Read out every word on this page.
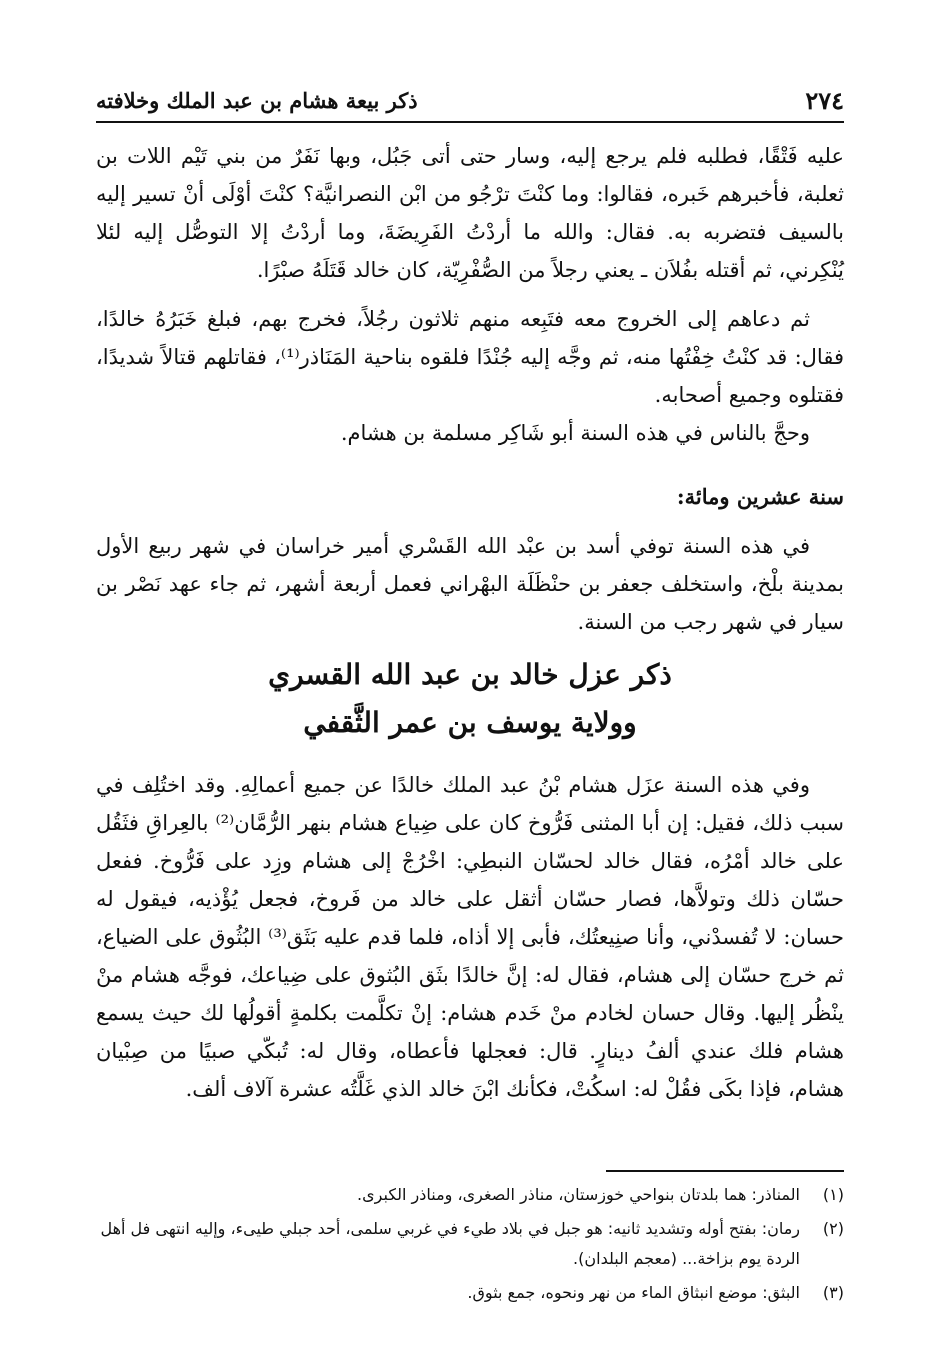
٢٧٤
ذكر بيعة هشام بن عبد الملك وخلافته

عليه فَتْقًا، فطلبه فلم يرجع إليه، وسار حتى أتى جَبُل، وبها نَفَرٌ من بني تَيْم اللات بن ثعلبة، فأخبرهم خَبره، فقالوا: وما كنْتَ ترْجُو من ابْن النصرانيَّة؟ كنْتَ أوْلَى أنْ تسير إليه بالسيف فتضربه به. فقال: والله ما أردْتُ الفَرِيضَةَ، وما أردْتُ إلا التوصُّل إليه لئلا يُنْكِرني، ثم أقتله بفُلاَن ـ يعني رجلاً من الصُّفْرِيّة، كان خالد قَتَلَهُ صبْرًا.

ثم دعاهم إلى الخروج معه فتَبِعه منهم ثلاثون رجُلاً، فخرج بهم، فبلغ خَبَرُهُ خالدًا، فقال: قد كنْتُ خِفْتُها منه، ثم وجَّه إليه جُنْدًا فلقوه بناحية المَنَاذر⁽¹⁾، فقاتلهم قتالاً شديدًا، فقتلوه وجميع أصحابه.

وحجَّ بالناس في هذه السنة أبو شَاكِر مسلمة بن هشام.

سنة عشرين ومائة:

في هذه السنة توفي أسد بن عبْد الله القَسْري أمير خراسان في شهر ربيع الأول بمدينة بلْخ، واستخلف جعفر بن حنْظَلَة البهْراني فعمل أربعة أشهر، ثم جاء عهد نَصْر بن سيار في شهر رجب من السنة.

ذكر عزل خالد بن عبد الله القسري

وولاية يوسف بن عمر الثَّقفي

وفي هذه السنة عزَل هشام بْنُ عبد الملك خالدًا عن جميع أعمالِهِ. وقد اختُلِف في سبب ذلك، فقيل: إن أبا المثنى فَرُّوخ كان على ضِياع هشام بنهر الرُّمَّان⁽²⁾ بالعِراقِ فثَقُل على خالد أمْرُه، فقال خالد لحسّان النبطِي: اخْرُجْ إلى هشام وزِد على فَرُّوخ. ففعل حسّان ذلك وتولاَّها، فصار حسّان أثقل على خالد من فَروخ، فجعل يُؤْذيه، فيقول له حسان: لا تُفسدْني، وأنا صنِيعتُك، فأبى إلا أذاه، فلما قدم عليه بَثَق⁽³⁾ البُثُوق على الضياع، ثم خرج حسّان إلى هشام، فقال له: إنَّ خالدًا بثَق البُثوق على ضِياعك، فوجَّه هشام منْ ينْظُر إليها. وقال حسان لخادم منْ خَدم هشام: إنْ تكلَّمت بكلمةٍ أقولُها لك حيث يسمع هشام فلك عندي ألفُ دينارٍ. قال: فعجلها فأعطاه، وقال له: تُبكّي صبيًا من صِبْيان هشام، فإذا بكَى فقُلْ له: اسكُتْ، فكأنك ابْنَ خالد الذي غَلَّتُه عشرة آلاف ألف.

(١)
المناذر: هما بلدتان بنواحي خوزستان، مناذر الصغرى، ومناذر الكبرى.
(٢)
رمان: بفتح أوله وتشديد ثانيه: هو جبل في بلاد طيء في غربي سلمى، أحد جبلي طيىء، وإليه انتهى فل أهل الردة يوم بزاخة... (معجم البلدان).
(٣)
البثق: موضع انبثاق الماء من نهر ونحوه، جمع بثوق.
